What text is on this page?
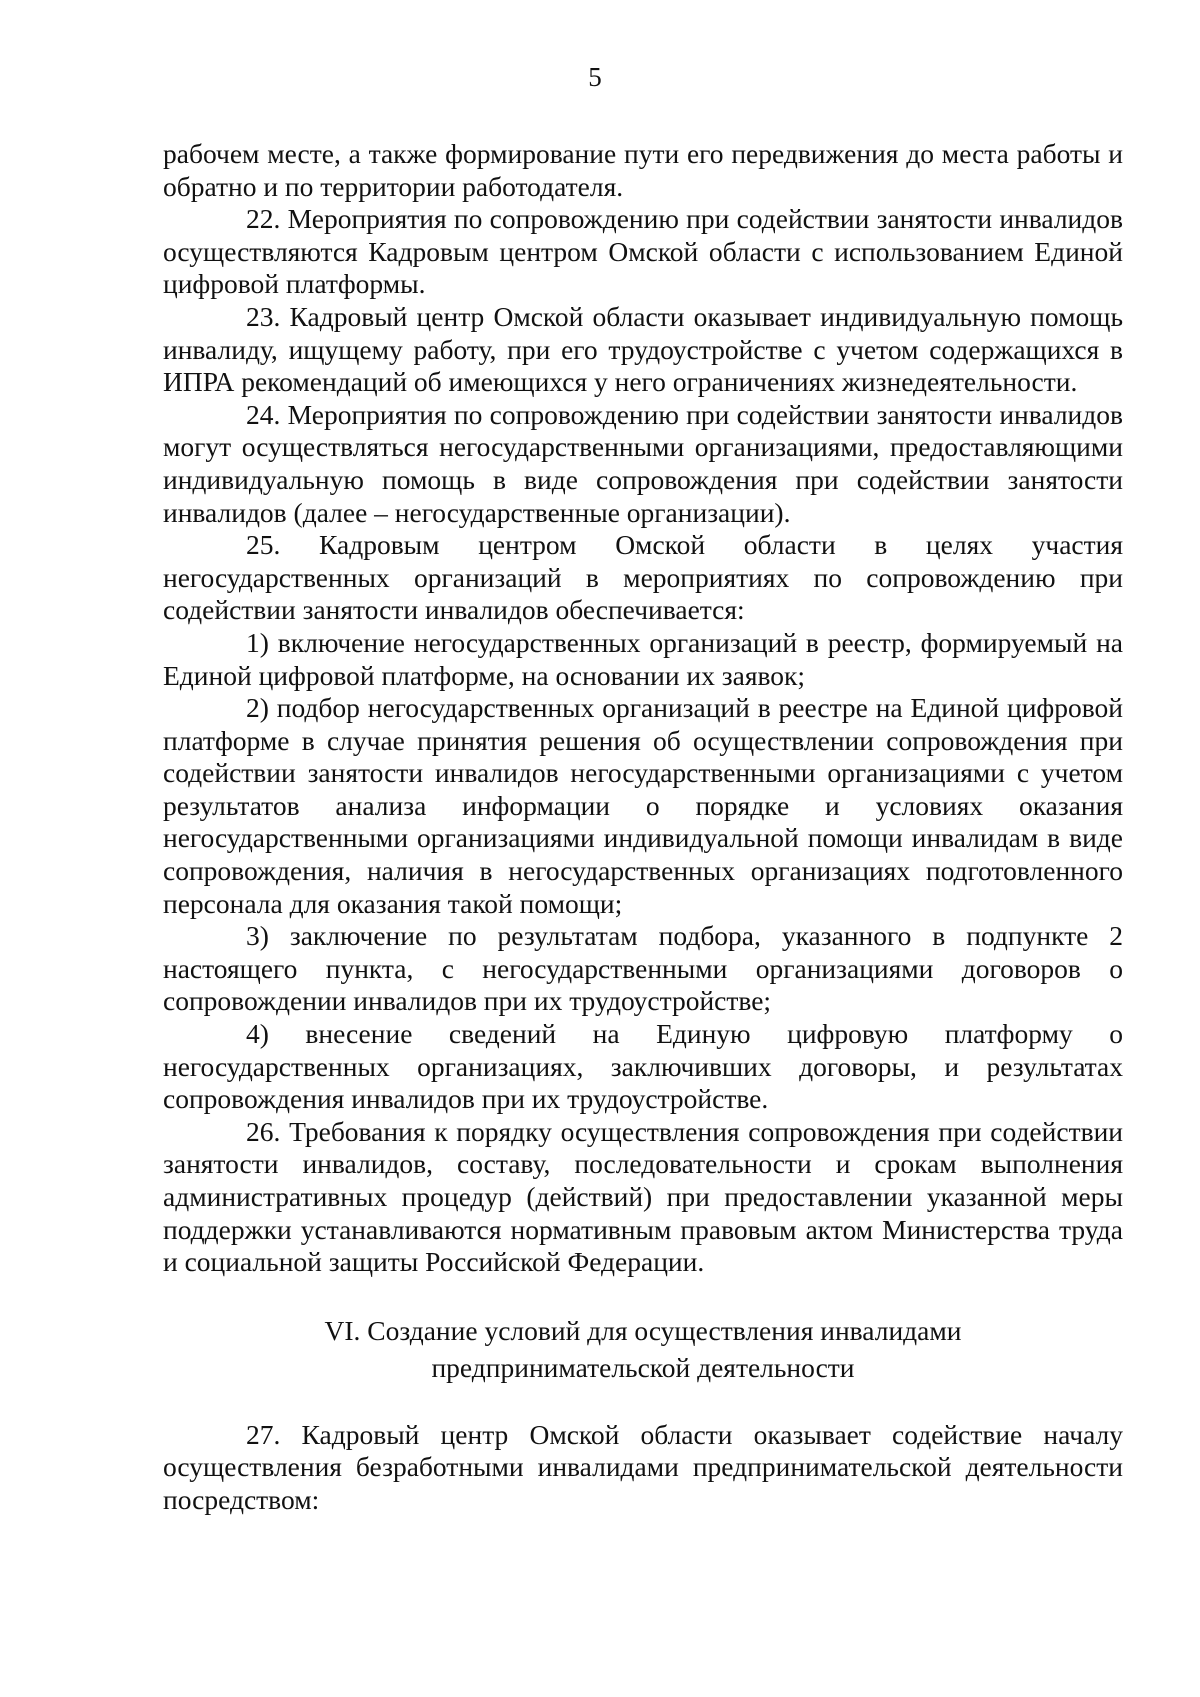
5

рабочем месте, а также формирование пути его передвижения до места работы и обратно и по территории работодателя.

22. Мероприятия по сопровождению при содействии занятости инвалидов осуществляются Кадровым центром Омской области с использованием Единой цифровой платформы.

23. Кадровый центр Омской области оказывает индивидуальную помощь инвалиду, ищущему работу, при его трудоустройстве с учетом содержащихся в ИПРА рекомендаций об имеющихся у него ограничениях жизнедеятельности.

24. Мероприятия по сопровождению при содействии занятости инвалидов могут осуществляться негосударственными организациями, предоставляющими индивидуальную помощь в виде сопровождения при содействии занятости инвалидов (далее – негосударственные организации).

25. Кадровым центром Омской области в целях участия негосударственных организаций в мероприятиях по сопровождению при содействии занятости инвалидов обеспечивается:

1) включение негосударственных организаций в реестр, формируемый на Единой цифровой платформе, на основании их заявок;

2) подбор негосударственных организаций в реестре на Единой цифровой платформе в случае принятия решения об осуществлении сопровождения при содействии занятости инвалидов негосударственными организациями с учетом результатов анализа информации о порядке и условиях оказания негосударственными организациями индивидуальной помощи инвалидам в виде сопровождения, наличия в негосударственных организациях подготовленного персонала для оказания такой помощи;

3) заключение по результатам подбора, указанного в подпункте 2 настоящего пункта, с негосударственными организациями договоров о сопровождении инвалидов при их трудоустройстве;

4) внесение сведений на Единую цифровую платформу о негосударственных организациях, заключивших договоры, и результатах сопровождения инвалидов при их трудоустройстве.

26. Требования к порядку осуществления сопровождения при содействии занятости инвалидов, составу, последовательности и срокам выполнения административных процедур (действий) при предоставлении указанной меры поддержки устанавливаются нормативным правовым актом Министерства труда и социальной защиты Российской Федерации.

VI. Создание условий для осуществления инвалидами
предпринимательской деятельности

27. Кадровый центр Омской области оказывает содействие началу осуществления безработными инвалидами предпринимательской деятельности посредством:
